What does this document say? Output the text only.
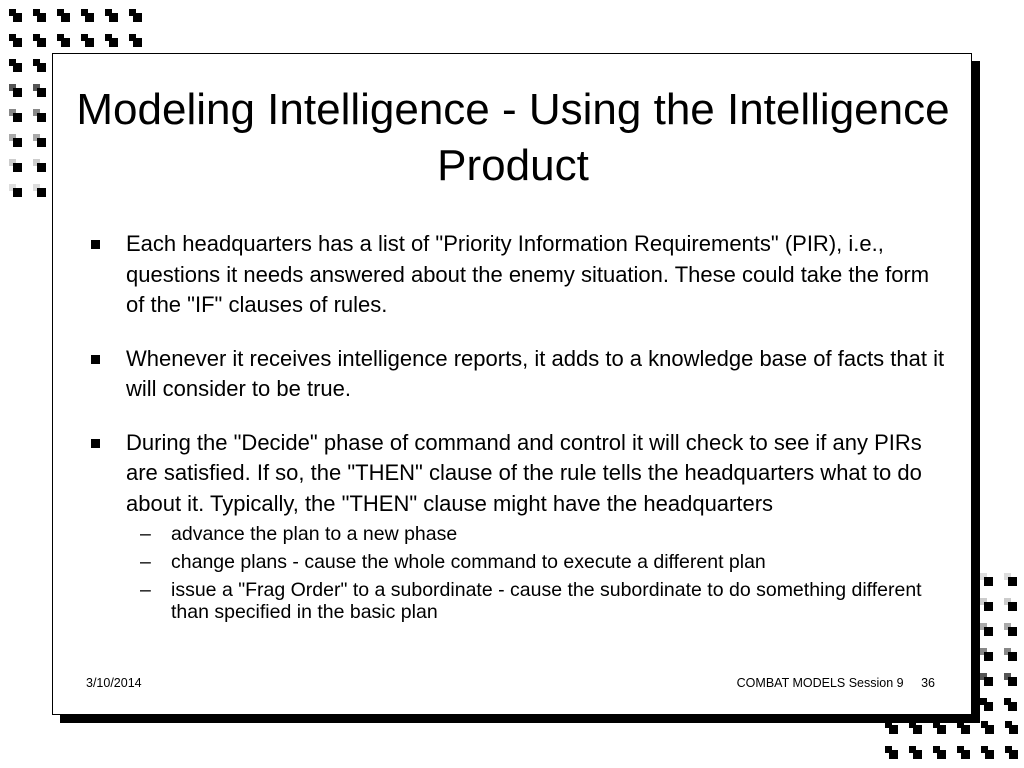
Modeling Intelligence - Using the Intelligence Product
Each headquarters has a list of "Priority Information Requirements" (PIR), i.e., questions it needs answered about the enemy situation. These could take the form of the "IF" clauses of rules.
Whenever it receives intelligence reports, it adds to a knowledge base of facts that it will consider to be true.
During the "Decide" phase of command and control it will check to see if any PIRs are satisfied. If so, the "THEN" clause of the rule tells the headquarters what to do about it. Typically, the "THEN" clause might have the headquarters
– advance the plan to a new phase
– change plans - cause the whole command to execute a different plan
– issue a "Frag Order" to a subordinate - cause the subordinate to do something different than specified in the basic plan
3/10/2014	COMBAT MODELS Session 9 36
